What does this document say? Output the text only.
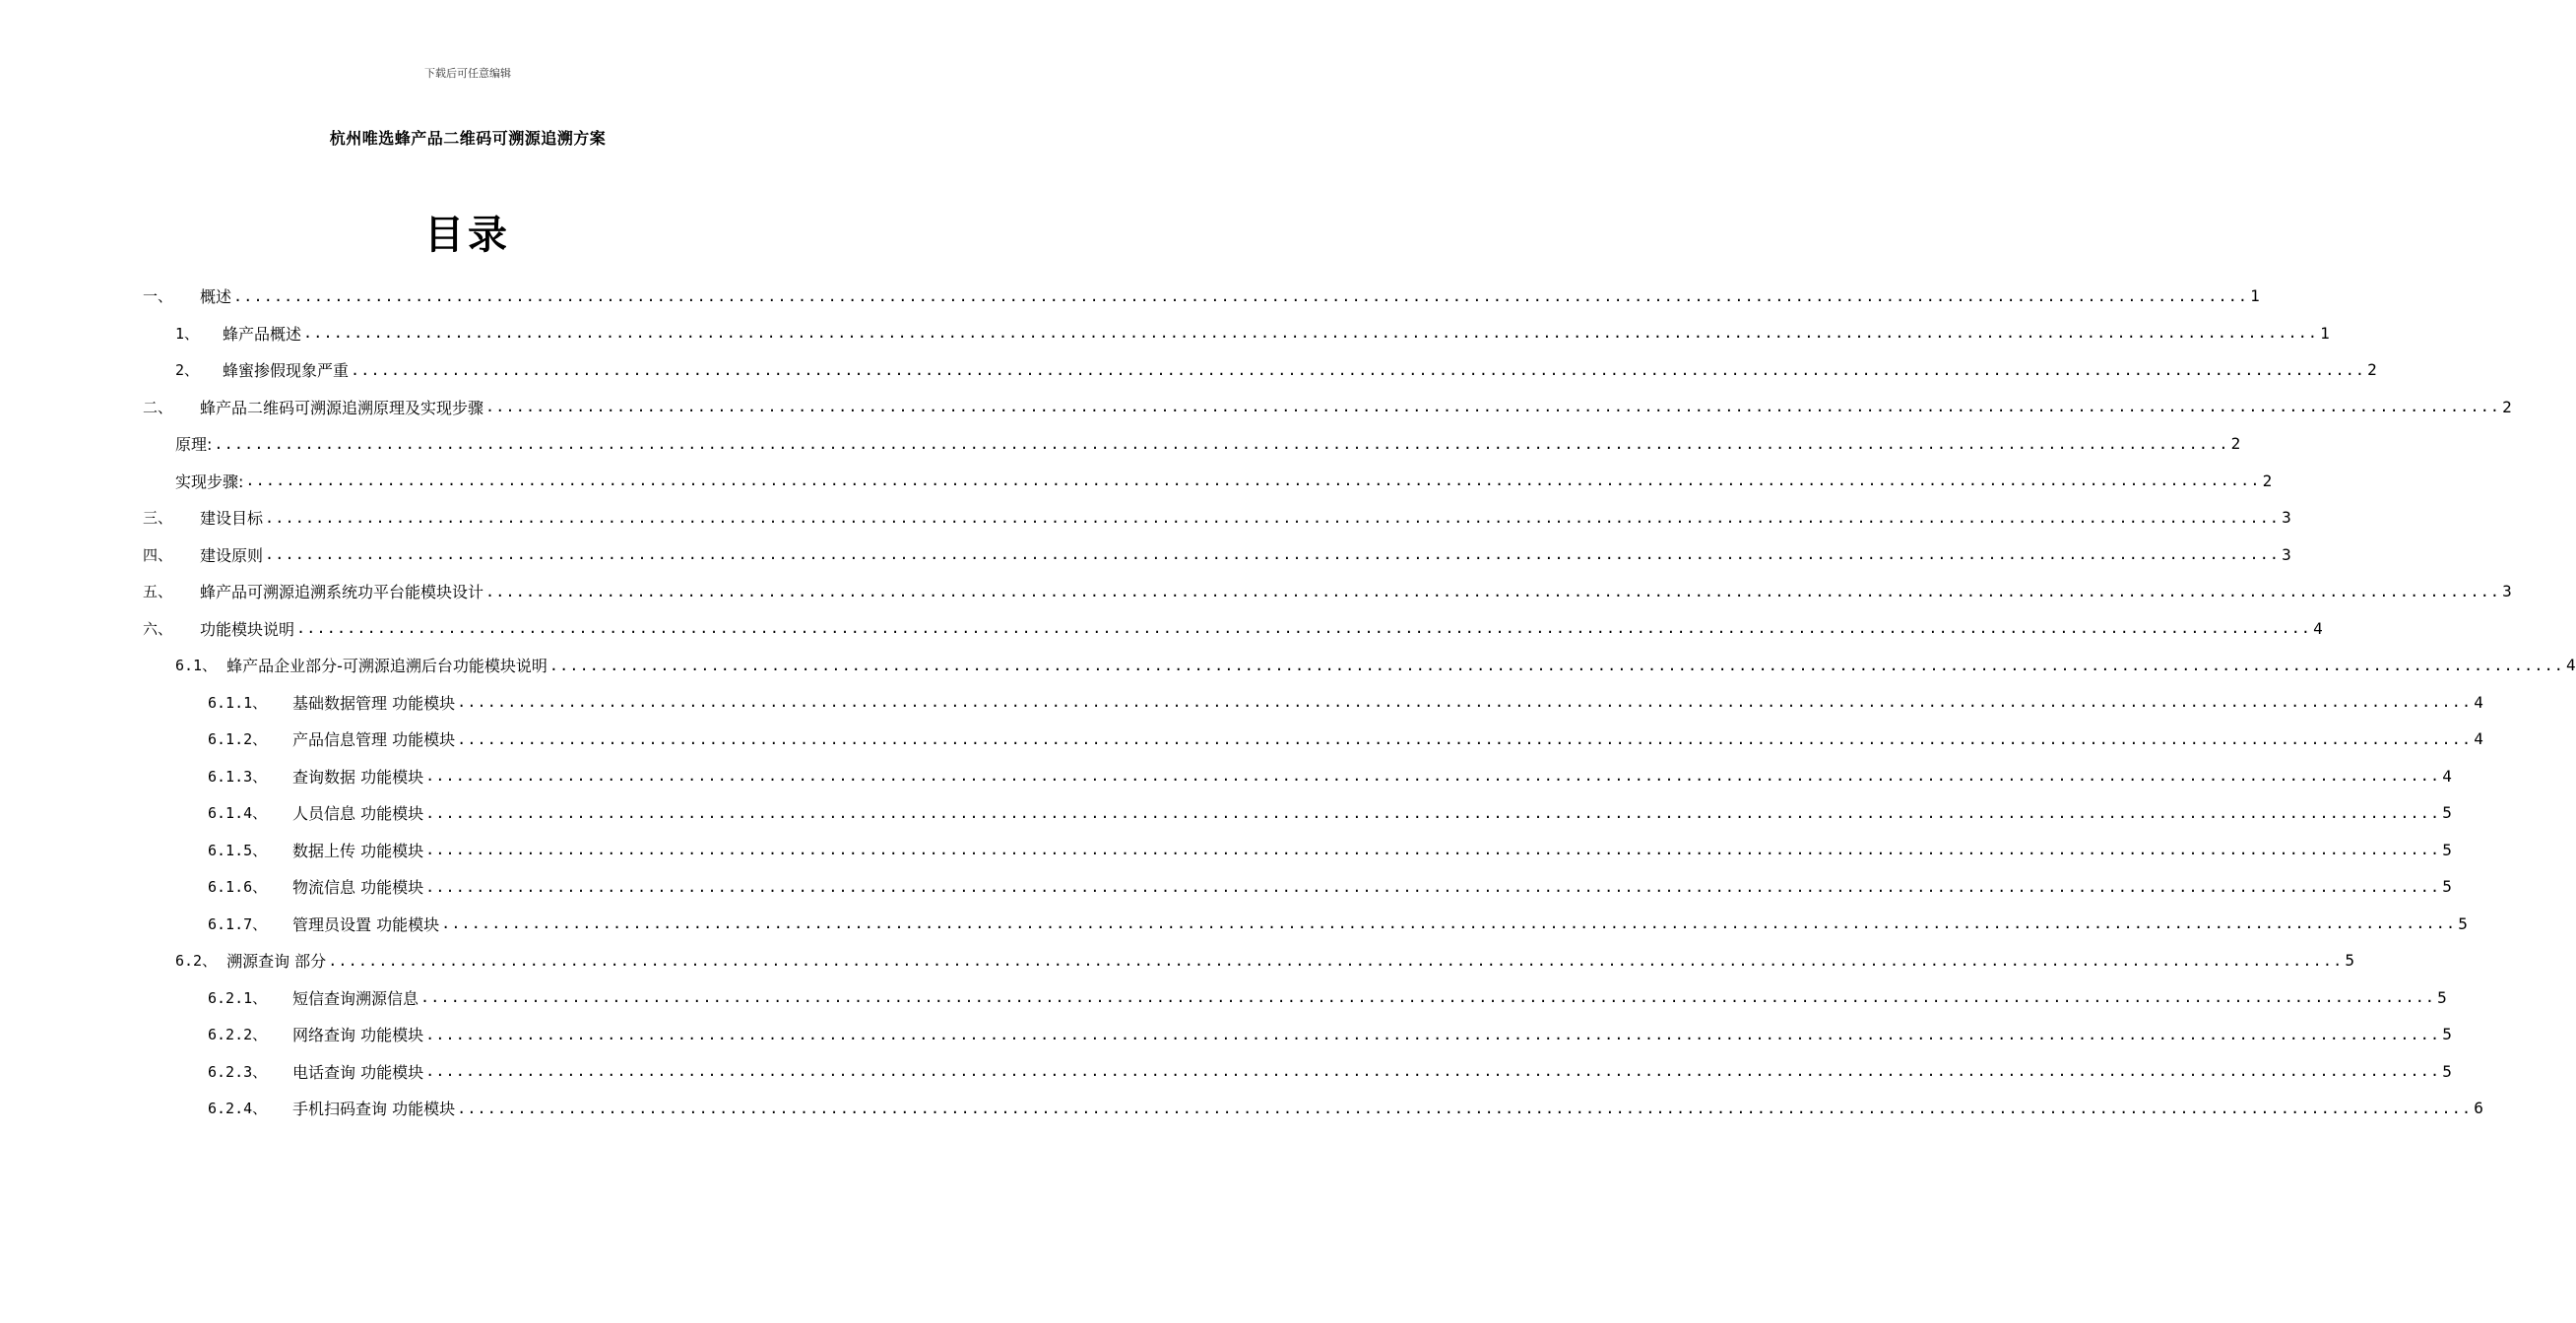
下载后可任意编辑
杭州唯选蜂产品二维码可溯源追溯方案
目录
一、	概述 ........................................................................................................................................................................................................ 1
1、	蜂产品概述 ........................................................................................................................................................................................................ 1
2、	蜂蜜掺假现象严重 ........................................................................................................................................................................................................ 2
二、	蜂产品二维码可溯源追溯原理及实现步骤 ........................................................................................................................................................................................................ 2
原理: ........................................................................................................................................................................................................ 2
实现步骤: ........................................................................................................................................................................................................ 2
三、	建设目标 ........................................................................................................................................................................................................ 3
四、	建设原则 ........................................................................................................................................................................................................ 3
五、	蜂产品可溯源追溯系统功平台能模块设计 ........................................................................................................................................................................................................ 3
六、	功能模块说明 ........................................................................................................................................................................................................ 4
6.1、 蜂产品企业部分-可溯源追溯后台功能模块说明 ........................................................................................................................................................................................................ 4
6.1.1、	基础数据管理 功能模块 ........................................................................................................................................................................................................ 4
6.1.2、	产品信息管理 功能模块 ........................................................................................................................................................................................................ 4
6.1.3、	查询数据 功能模块 ........................................................................................................................................................................................................ 4
6.1.4、	人员信息 功能模块 ........................................................................................................................................................................................................ 5
6.1.5、	数据上传 功能模块 ........................................................................................................................................................................................................ 5
6.1.6、	物流信息 功能模块 ........................................................................................................................................................................................................ 5
6.1.7、	管理员设置 功能模块 ........................................................................................................................................................................................................ 5
6.2、 溯源查询 部分 ........................................................................................................................................................................................................ 5
6.2.1、	短信查询溯源信息 ........................................................................................................................................................................................................ 5
6.2.2、	网络查询 功能模块 ........................................................................................................................................................................................................ 5
6.2.3、	电话查询 功能模块 ........................................................................................................................................................................................................ 5
6.2.4、	手机扫码查询 功能模块 ........................................................................................................................................................................................................ 6
